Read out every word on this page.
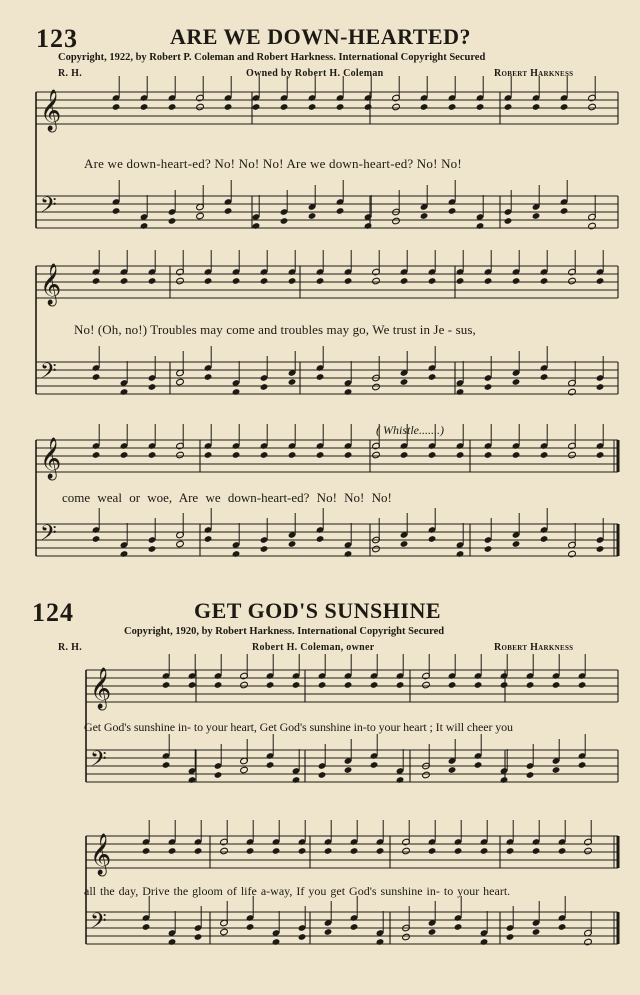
123	ARE WE DOWN-HEARTED?
Copyright, 1922, by Robert P. Coleman and Robert Harkness. International Copyright Secured
R. H.	Owned by Robert H. Coleman	Robert Harkness
𝄞
𝄢
𝄞
𝄢
𝄞
𝄢
𝄞
𝄢
𝄞
𝄢
Are we down-heart-ed? No! No! No! Are we down-heart-ed? No! No!
No! (Oh, no!) Troubles may come and troubles may go, We trust in Je - sus,
( Whistle.......)
come weal or woe, Are we down-heart-ed? No! No! No!
124	GET GOD'S SUNSHINE
Copyright, 1920, by Robert Harkness. International Copyright Secured
R. H.	Robert H. Coleman, owner	Robert Harkness
Get God's sunshine in- to your heart, Get God's sunshine in-to your heart ; It will cheer you
all the day, Drive the gloom of life a-way, If you get God's sunshine in- to your heart.
